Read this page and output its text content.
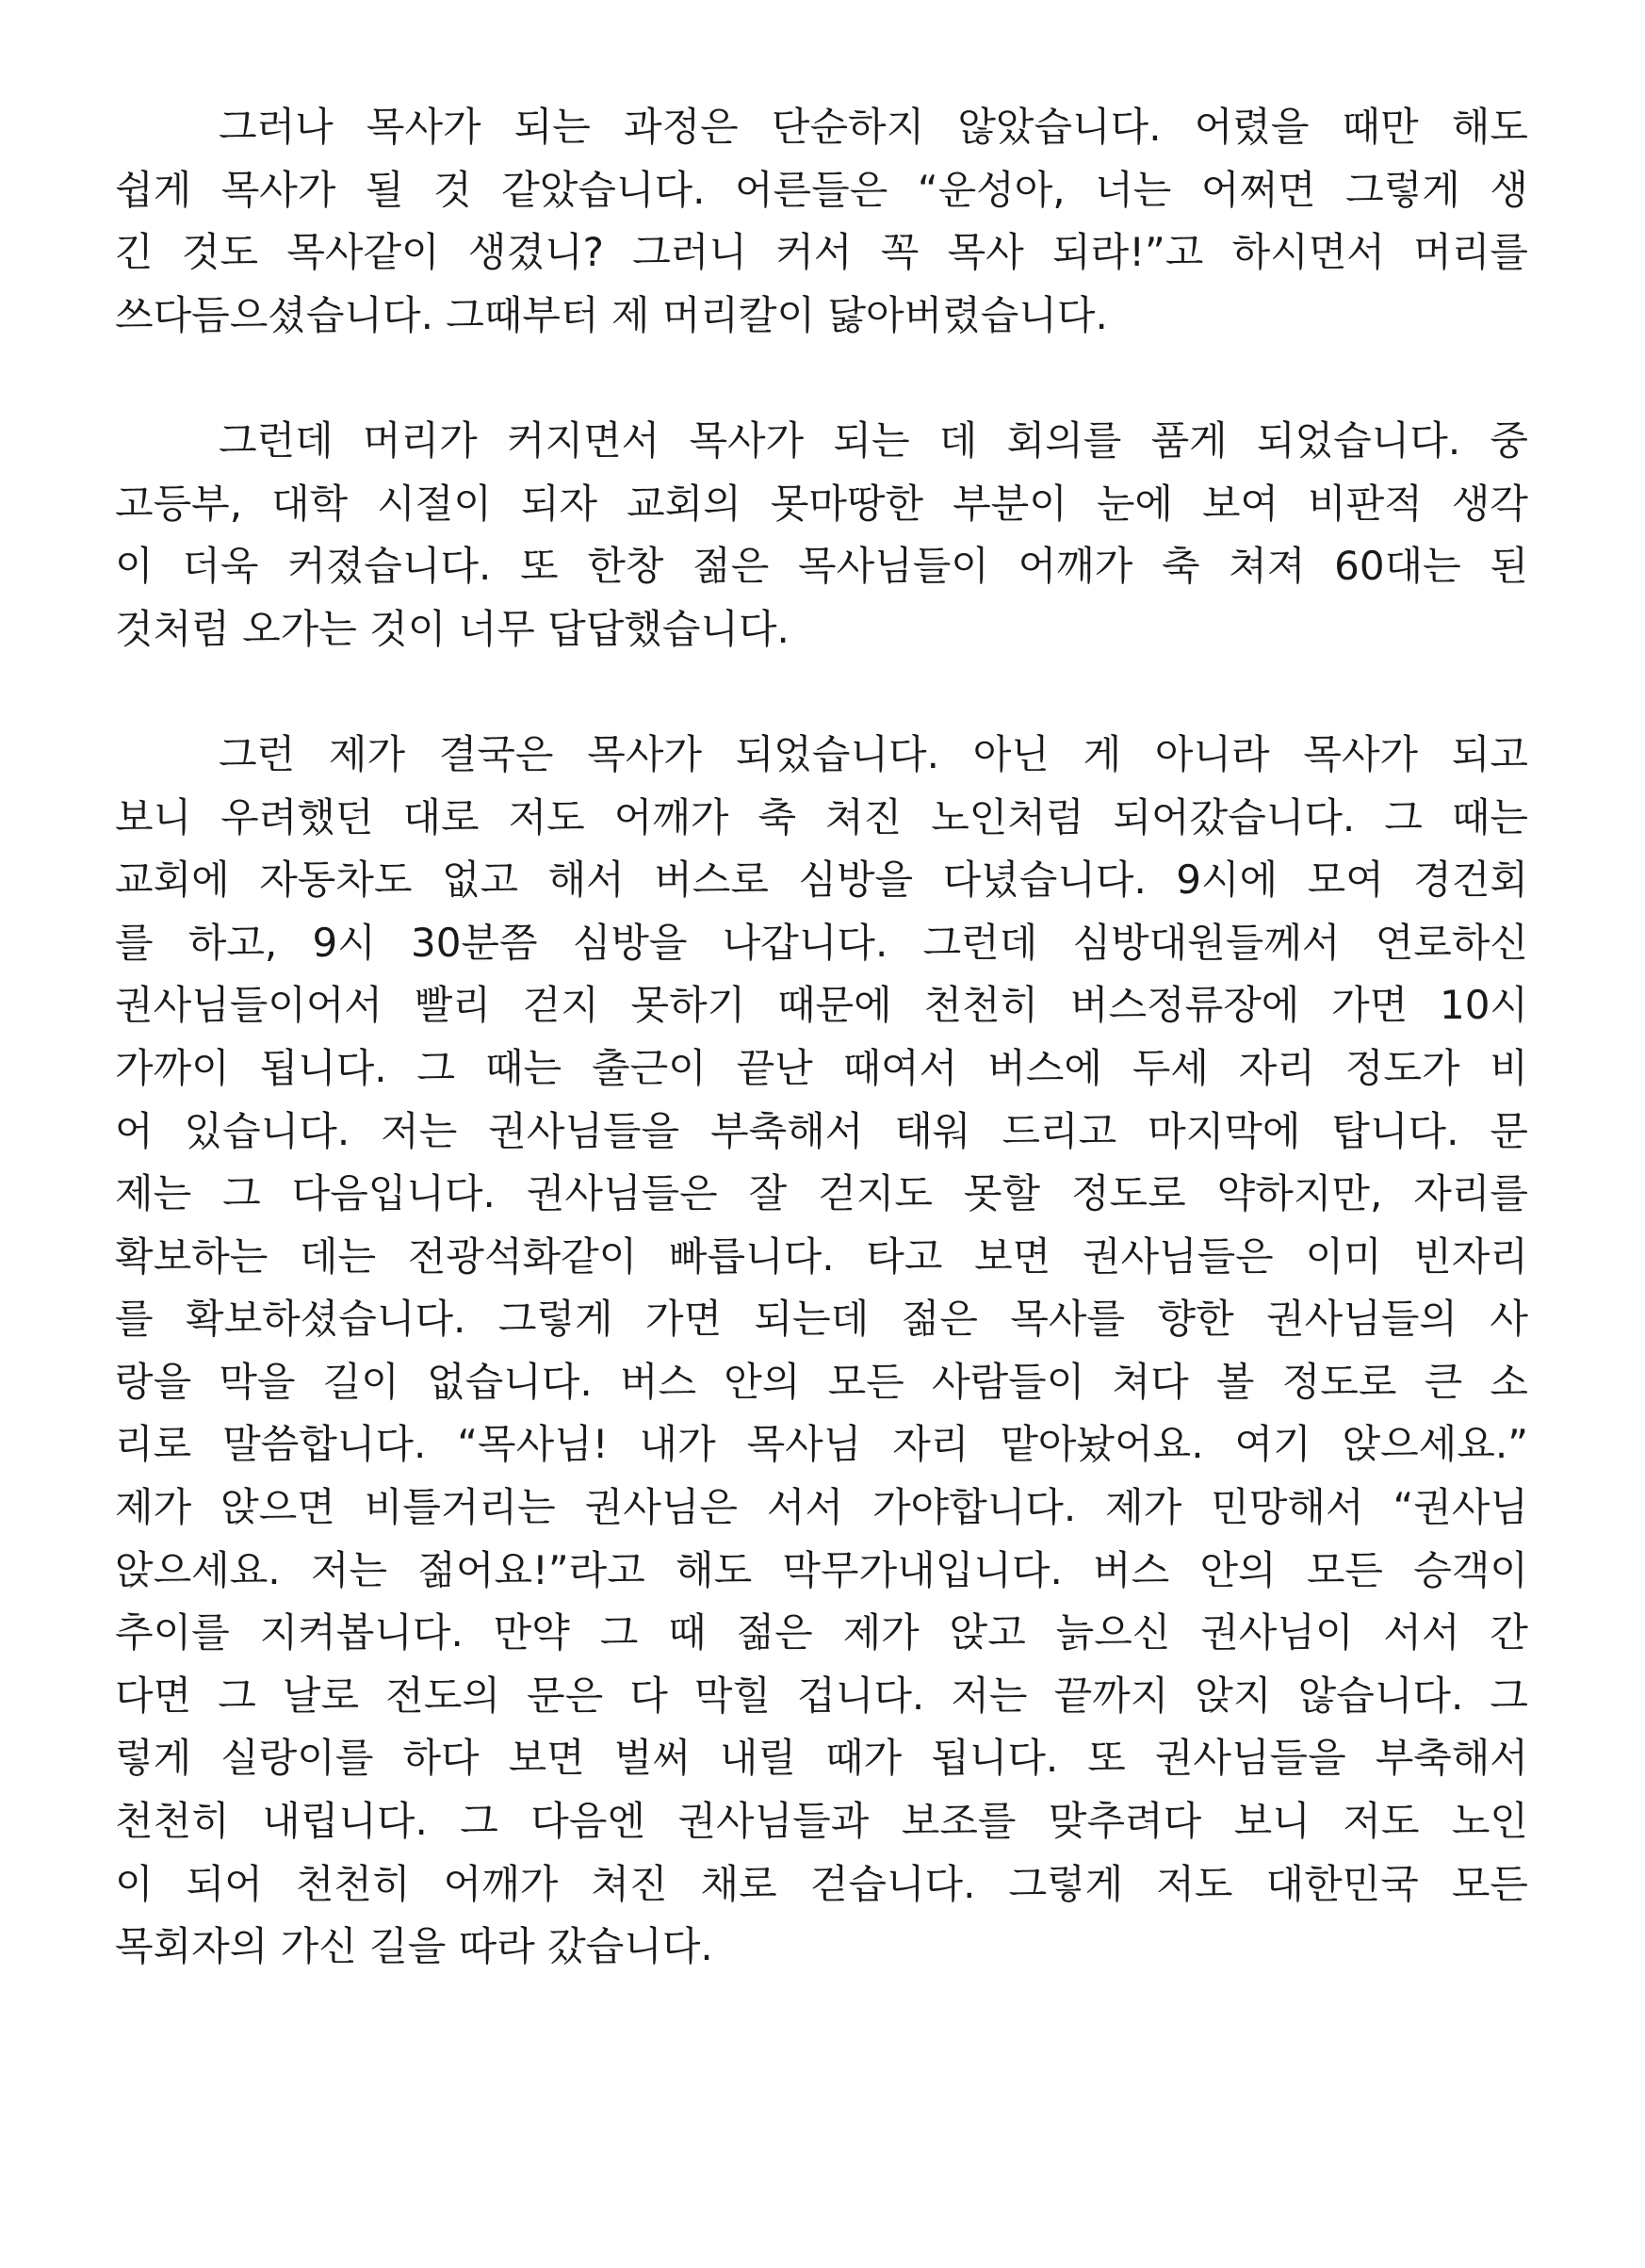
그러나 목사가 되는 과정은 단순하지 않았습니다. 어렸을 때만 해도
쉽게 목사가 될 것 같았습니다. 어른들은 “운성아, 너는 어쩌면 그렇게 생
긴 것도 목사같이 생겼니? 그러니 커서 꼭 목사 되라!”고 하시면서 머리를
쓰다듬으셨습니다. 그때부터 제 머리칼이 닳아버렸습니다.
그런데 머리가 커지면서 목사가 되는 데 회의를 품게 되었습니다. 중
고등부, 대학 시절이 되자 교회의 못마땅한 부분이 눈에 보여 비판적 생각
이 더욱 커졌습니다. 또 한창 젊은 목사님들이 어깨가 축 쳐져 60대는 된
것처럼 오가는 것이 너무 답답했습니다.
그런 제가 결국은 목사가 되었습니다. 아닌 게 아니라 목사가 되고
보니 우려했던 대로 저도 어깨가 축 쳐진 노인처럼 되어갔습니다. 그 때는
교회에 자동차도 없고 해서 버스로 심방을 다녔습니다. 9시에 모여 경건회
를 하고, 9시 30분쯤 심방을 나갑니다. 그런데 심방대원들께서 연로하신
권사님들이어서 빨리 걷지 못하기 때문에 천천히 버스정류장에 가면 10시
가까이 됩니다. 그 때는 출근이 끝난 때여서 버스에 두세 자리 정도가 비
어 있습니다. 저는 권사님들을 부축해서 태워 드리고 마지막에 탑니다. 문
제는 그 다음입니다. 권사님들은 잘 걷지도 못할 정도로 약하지만, 자리를
확보하는 데는 전광석화같이 빠릅니다. 타고 보면 권사님들은 이미 빈자리
를 확보하셨습니다. 그렇게 가면 되는데 젊은 목사를 향한 권사님들의 사
랑을 막을 길이 없습니다. 버스 안의 모든 사람들이 쳐다 볼 정도로 큰 소
리로 말씀합니다. “목사님! 내가 목사님 자리 맡아놨어요. 여기 앉으세요.”
제가 앉으면 비틀거리는 권사님은 서서 가야합니다. 제가 민망해서 “권사님
앉으세요. 저는 젊어요!”라고 해도 막무가내입니다. 버스 안의 모든 승객이
추이를 지켜봅니다. 만약 그 때 젊은 제가 앉고 늙으신 권사님이 서서 간
다면 그 날로 전도의 문은 다 막힐 겁니다. 저는 끝까지 앉지 않습니다. 그
렇게 실랑이를 하다 보면 벌써 내릴 때가 됩니다. 또 권사님들을 부축해서
천천히 내립니다. 그 다음엔 권사님들과 보조를 맞추려다 보니 저도 노인
이 되어 천천히 어깨가 쳐진 채로 걷습니다. 그렇게 저도 대한민국 모든
목회자의 가신 길을 따라 갔습니다.
